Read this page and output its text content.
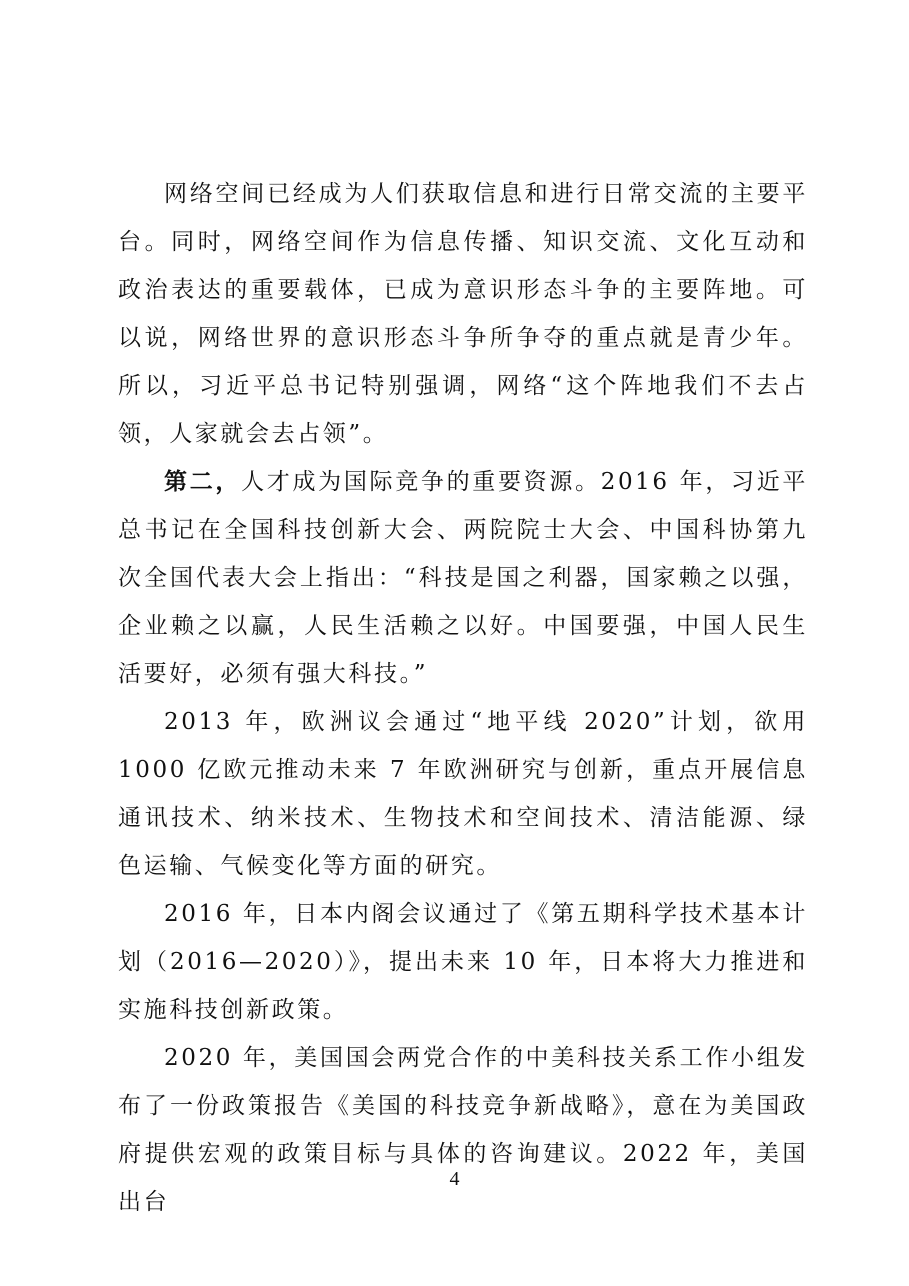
网络空间已经成为人们获取信息和进行日常交流的主要平台。同时，网络空间作为信息传播、知识交流、文化互动和政治表达的重要载体，已成为意识形态斗争的主要阵地。可以说，网络世界的意识形态斗争所争夺的重点就是青少年。所以，习近平总书记特别强调，网络“这个阵地我们不去占领，人家就会去占领”。

第二，人才成为国际竞争的重要资源。2016 年，习近平总书记在全国科技创新大会、两院院士大会、中国科协第九次全国代表大会上指出：“科技是国之利器，国家赖之以强，企业赖之以赢，人民生活赖之以好。中国要强，中国人民生活要好，必须有强大科技。”

2013 年，欧洲议会通过“地平线 2020”计划，欲用 1000 亿欧元推动未来 7 年欧洲研究与创新，重点开展信息通讯技术、纳米技术、生物技术和空间技术、清洁能源、绿色运输、气候变化等方面的研究。

2016 年，日本内阁会议通过了《第五期科学技术基本计划（2016—2020）》，提出未来 10 年，日本将大力推进和实施科技创新政策。

2020 年，美国国会两党合作的中美科技关系工作小组发布了一份政策报告《美国的科技竞争新战略》，意在为美国政府提供宏观的政策目标与具体的咨询建议。2022 年，美国出台

4
